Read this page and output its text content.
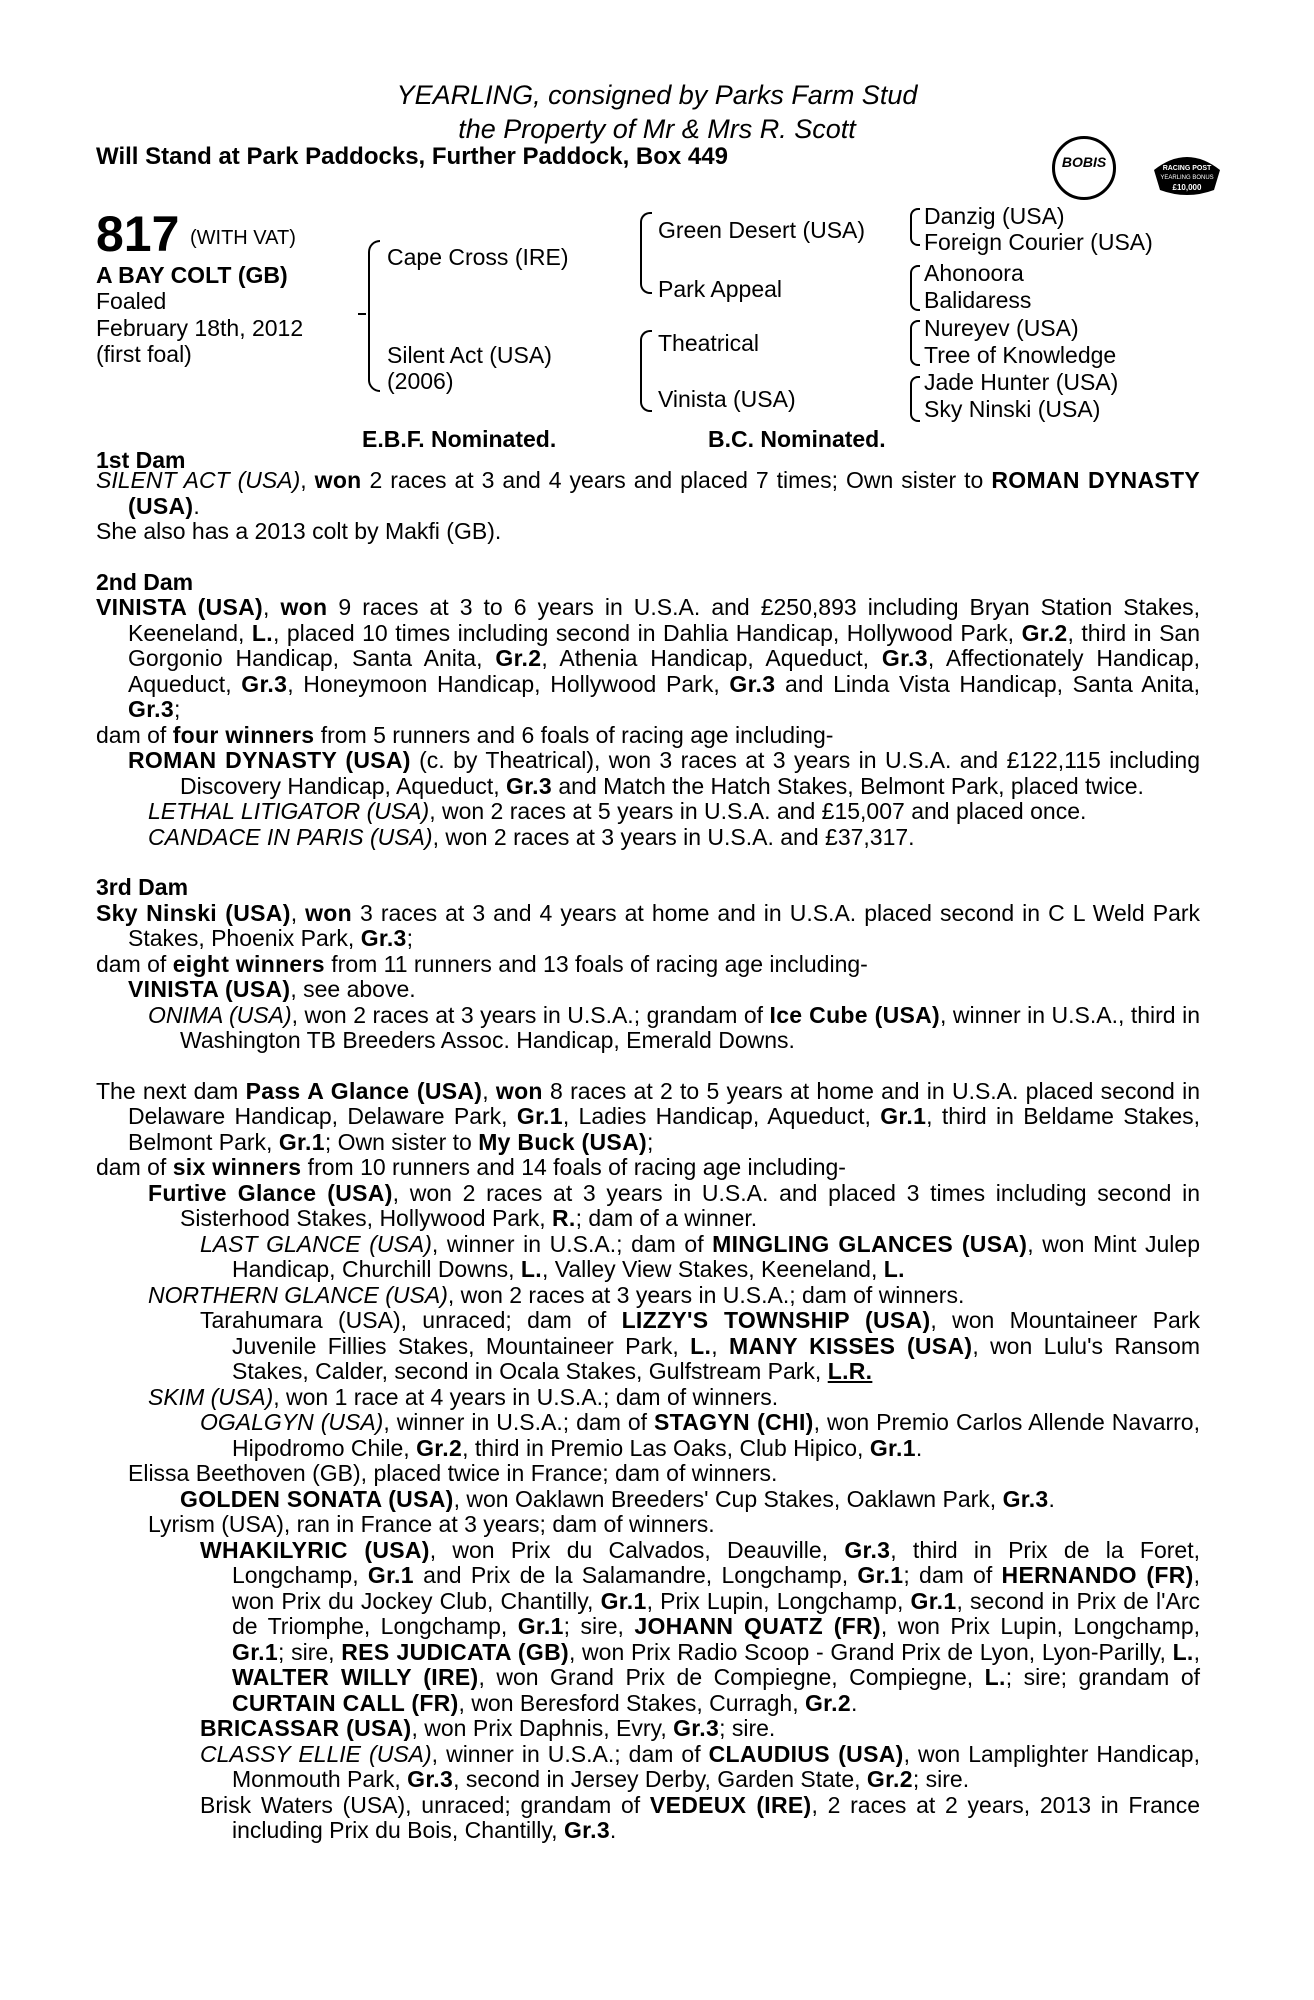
YEARLING, consigned by Parks Farm Stud
the Property of Mr & Mrs R. Scott
Will Stand at Park Paddocks, Further Paddock, Box 449	BOBIS	RACING POST
YEARLING BONUS
£10,000
817 (WITH VAT)
A BAY COLT (GB)
Foaled
February 18th, 2012
(first foal)
Cape Cross (IRE)
Silent Act (USA)
(2006)
Green Desert (USA)
Park Appeal
Theatrical
Vinista (USA)
Danzig (USA)
Foreign Courier (USA)
Ahonoora
Balidaress
Nureyev (USA)
Tree of Knowledge
Jade Hunter (USA)
Sky Ninski (USA)
E.B.F. Nominated.	B.C. Nominated.
1st Dam
SILENT ACT (USA), won 2 races at 3 and 4 years and placed 7 times; Own sister to ROMAN DYNASTY (USA).
She also has a 2013 colt by Makfi (GB).
2nd Dam
VINISTA (USA), won 9 races at 3 to 6 years in U.S.A. and £250,893 including Bryan Station Stakes, Keeneland, L., placed 10 times including second in Dahlia Handicap, Hollywood Park, Gr.2, third in San Gorgonio Handicap, Santa Anita, Gr.2, Athenia Handicap, Aqueduct, Gr.3, Affectionately Handicap, Aqueduct, Gr.3, Honeymoon Handicap, Hollywood Park, Gr.3 and Linda Vista Handicap, Santa Anita, Gr.3;
dam of four winners from 5 runners and 6 foals of racing age including-
ROMAN DYNASTY (USA) (c. by Theatrical), won 3 races at 3 years in U.S.A. and £122,115 including Discovery Handicap, Aqueduct, Gr.3 and Match the Hatch Stakes, Belmont Park, placed twice.
LETHAL LITIGATOR (USA), won 2 races at 5 years in U.S.A. and £15,007 and placed once.
CANDACE IN PARIS (USA), won 2 races at 3 years in U.S.A. and £37,317.
3rd Dam
Sky Ninski (USA), won 3 races at 3 and 4 years at home and in U.S.A. placed second in C L Weld Park Stakes, Phoenix Park, Gr.3;
dam of eight winners from 11 runners and 13 foals of racing age including-
VINISTA (USA), see above.
ONIMA (USA), won 2 races at 3 years in U.S.A.; grandam of Ice Cube (USA), winner in U.S.A., third in Washington TB Breeders Assoc. Handicap, Emerald Downs.
The next dam Pass A Glance (USA), won 8 races at 2 to 5 years at home and in U.S.A. placed second in Delaware Handicap, Delaware Park, Gr.1, Ladies Handicap, Aqueduct, Gr.1, third in Beldame Stakes, Belmont Park, Gr.1; Own sister to My Buck (USA);
dam of six winners from 10 runners and 14 foals of racing age including-
Furtive Glance (USA), won 2 races at 3 years in U.S.A. and placed 3 times including second in Sisterhood Stakes, Hollywood Park, R.; dam of a winner.
LAST GLANCE (USA), winner in U.S.A.; dam of MINGLING GLANCES (USA), won Mint Julep Handicap, Churchill Downs, L., Valley View Stakes, Keeneland, L.
NORTHERN GLANCE (USA), won 2 races at 3 years in U.S.A.; dam of winners.
Tarahumara (USA), unraced; dam of LIZZY'S TOWNSHIP (USA), won Mountaineer Park Juvenile Fillies Stakes, Mountaineer Park, L., MANY KISSES (USA), won Lulu's Ransom Stakes, Calder, second in Ocala Stakes, Gulfstream Park, L.R.
SKIM (USA), won 1 race at 4 years in U.S.A.; dam of winners.
OGALGYN (USA), winner in U.S.A.; dam of STAGYN (CHI), won Premio Carlos Allende Navarro, Hipodromo Chile, Gr.2, third in Premio Las Oaks, Club Hipico, Gr.1.
Elissa Beethoven (GB), placed twice in France; dam of winners.
GOLDEN SONATA (USA), won Oaklawn Breeders' Cup Stakes, Oaklawn Park, Gr.3.
Lyrism (USA), ran in France at 3 years; dam of winners.
WHAKILYRIC (USA), won Prix du Calvados, Deauville, Gr.3, third in Prix de la Foret, Longchamp, Gr.1 and Prix de la Salamandre, Longchamp, Gr.1; dam of HERNANDO (FR), won Prix du Jockey Club, Chantilly, Gr.1, Prix Lupin, Longchamp, Gr.1, second in Prix de l'Arc de Triomphe, Longchamp, Gr.1; sire, JOHANN QUATZ (FR), won Prix Lupin, Longchamp, Gr.1; sire, RES JUDICATA (GB), won Prix Radio Scoop - Grand Prix de Lyon, Lyon-Parilly, L., WALTER WILLY (IRE), won Grand Prix de Compiegne, Compiegne, L.; sire; grandam of CURTAIN CALL (FR), won Beresford Stakes, Curragh, Gr.2.
BRICASSAR (USA), won Prix Daphnis, Evry, Gr.3; sire.
CLASSY ELLIE (USA), winner in U.S.A.; dam of CLAUDIUS (USA), won Lamplighter Handicap, Monmouth Park, Gr.3, second in Jersey Derby, Garden State, Gr.2; sire.
Brisk Waters (USA), unraced; grandam of VEDEUX (IRE), 2 races at 2 years, 2013 in France including Prix du Bois, Chantilly, Gr.3.
